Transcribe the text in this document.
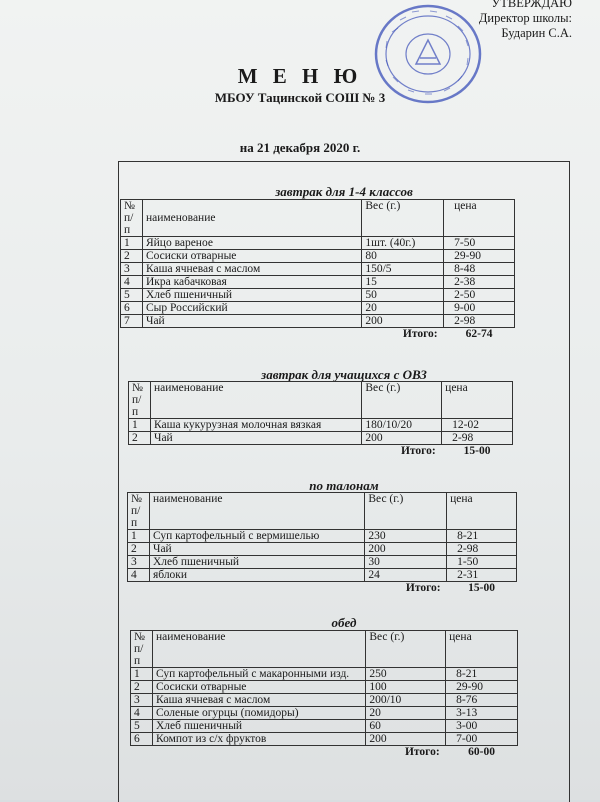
УТВЕРЖДАЮ
Директор школы:
Бударин С.А.
М Е Н Ю
МБОУ Тацинской СОШ № 3
на 21 декабря 2020 г.
завтрак для 1-4 классов
№ п/п	наименование	Вес (г.)	цена
1	Яйцо вареное	1шт. (40г.)	7-50
2	Сосиски отварные	80	29-90
3	Каша ячневая с маслом	150/5	8-48
4	Икра кабачковая	15	2-38
5	Хлеб пшеничный	50	2-50
6	Сыр Российский	20	9-00
7	Чай	200	2-98
Итого:			62-74
завтрак для учащихся с ОВЗ
№ п/п	наименование	Вес (г.)	цена
1	Каша кукурузная молочная вязкая	180/10/20	12-02
2	Чай	200	2-98
Итого:			15-00
по талонам
№ п/п	наименование	Вес (г.)	цена
1	Суп картофельный с вермишелью	230	8-21
2	Чай	200	2-98
3	Хлеб пшеничный	30	1-50
4	яблоки	24	2-31
Итого:			15-00
обед
№ п/п	наименование	Вес (г.)	цена
1	Суп картофельный с макаронными изд.	250	8-21
2	Сосиски отварные	100	29-90
3	Каша ячневая с маслом	200/10	8-76
4	Соленые огурцы (помидоры)	20	3-13
5	Хлеб пшеничный	60	3-00
6	Компот из с/х фруктов	200	7-00
Итого:			60-00
